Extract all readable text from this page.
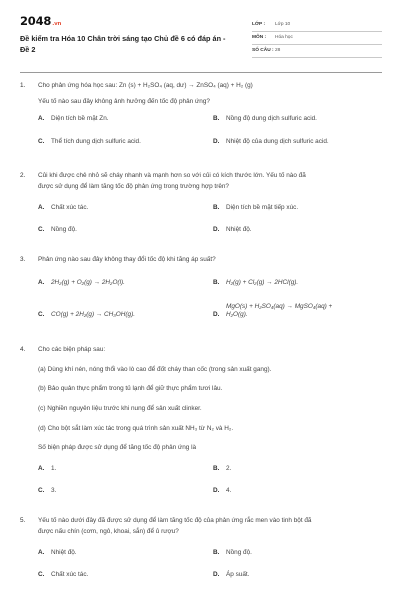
2048.vn
Đề kiểm tra Hóa 10 Chân trời sáng tạo Chủ đề 6 có đáp án - Đề 2
LỚP :	Lớp 10
MÔN :	Hóa học
SỐ CÂU : 28
1.	Cho phản ứng hóa học sau: Zn (s) + H₂SO₄ (aq, dư) → ZnSO₄ (aq) + H₂ (g)
Yếu tố nào sau đây không ảnh hưởng đến tốc độ phản ứng?
A.	Diện tích bề mặt Zn.	B.	Nồng độ dung dịch sulfuric acid.
C.	Thể tích dung dịch sulfuric acid.	D.	Nhiệt độ của dung dịch sulfuric acid.
2.	Củi khi được chẻ nhỏ sẽ cháy nhanh và mạnh hơn so với củi có kích thước lớn. Yếu tố nào đã
được sử dụng để làm tăng tốc độ phản ứng trong trường hợp trên?
A.	Chất xúc tác.	B.	Diện tích bề mặt tiếp xúc.
C.	Nồng độ.	D.	Nhiệt độ.
3.	Phản ứng nào sau đây không thay đổi tốc độ khi tăng áp suất?
A.	2H₂(g) + O₂(g) → 2H₂O(l).	B.	H₂(g) + Cl₂(g) → 2HCl(g).
C.	CO(g) + 2H₂(g) → CH₃OH(g).	D.
MgO(s) + H₂SO₄(aq) → MgSO₄(aq) +
H₂O(g).
4.	Cho các biện pháp sau:
(a) Dùng khí nén, nóng thổi vào lò cao để đốt cháy than cốc (trong sản xuất gang).
(b) Bảo quản thực phẩm trong tủ lạnh để giữ thực phẩm tươi lâu.
(c) Nghiền nguyên liệu trước khi nung để sản xuất clinker.
(d) Cho bột sắt làm xúc tác trong quá trình sản xuất NH₃ từ N₂ và H₂.
Số biện pháp được sử dụng để tăng tốc độ phản ứng là
A.	1.	B.	2.
C.	3.	D.	4.
5.	Yếu tố nào dưới đây đã được sử dụng để làm tăng tốc độ của phản ứng rắc men vào tinh bột đã
được nấu chín (cơm, ngô, khoai, sắn) để ủ rượu?
A.	Nhiệt độ.	B.	Nồng độ.
C.	Chất xúc tác.	D.	Áp suất.
